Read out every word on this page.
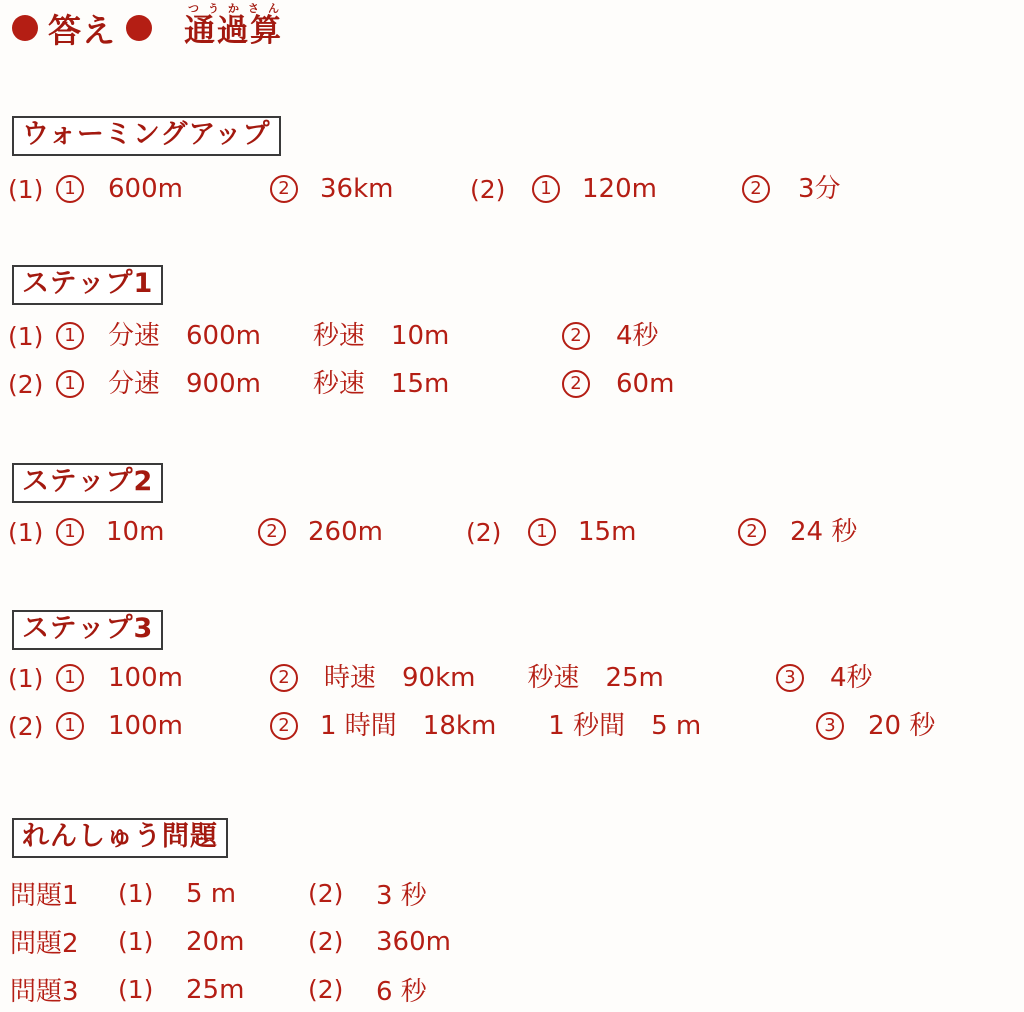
答え
つうかさん
通過算
ウォーミングアップ
(1)	1	600m	2	36km	(2)	1	120m	2	3分
ステップ1
(1)	1	分速　600m　　秒速　10m	2	4秒
(2)	1	分速　900m　　秒速　15m	2	60m
ステップ2
(1)	1	10m	2	260m	(2)	1	15m	2	24 秒
ステップ3
(1)	1	100m	2	時速　90km　　秒速　25m	3	4秒
(2)	1	100m	2	1 時間　18km　　1 秒間　5 m	3	20 秒
れんしゅう問題
問題1	(1)	5 m	(2)	3 秒
問題2	(1)	20m	(2)	360m
問題3	(1)	25m	(2)	6 秒
